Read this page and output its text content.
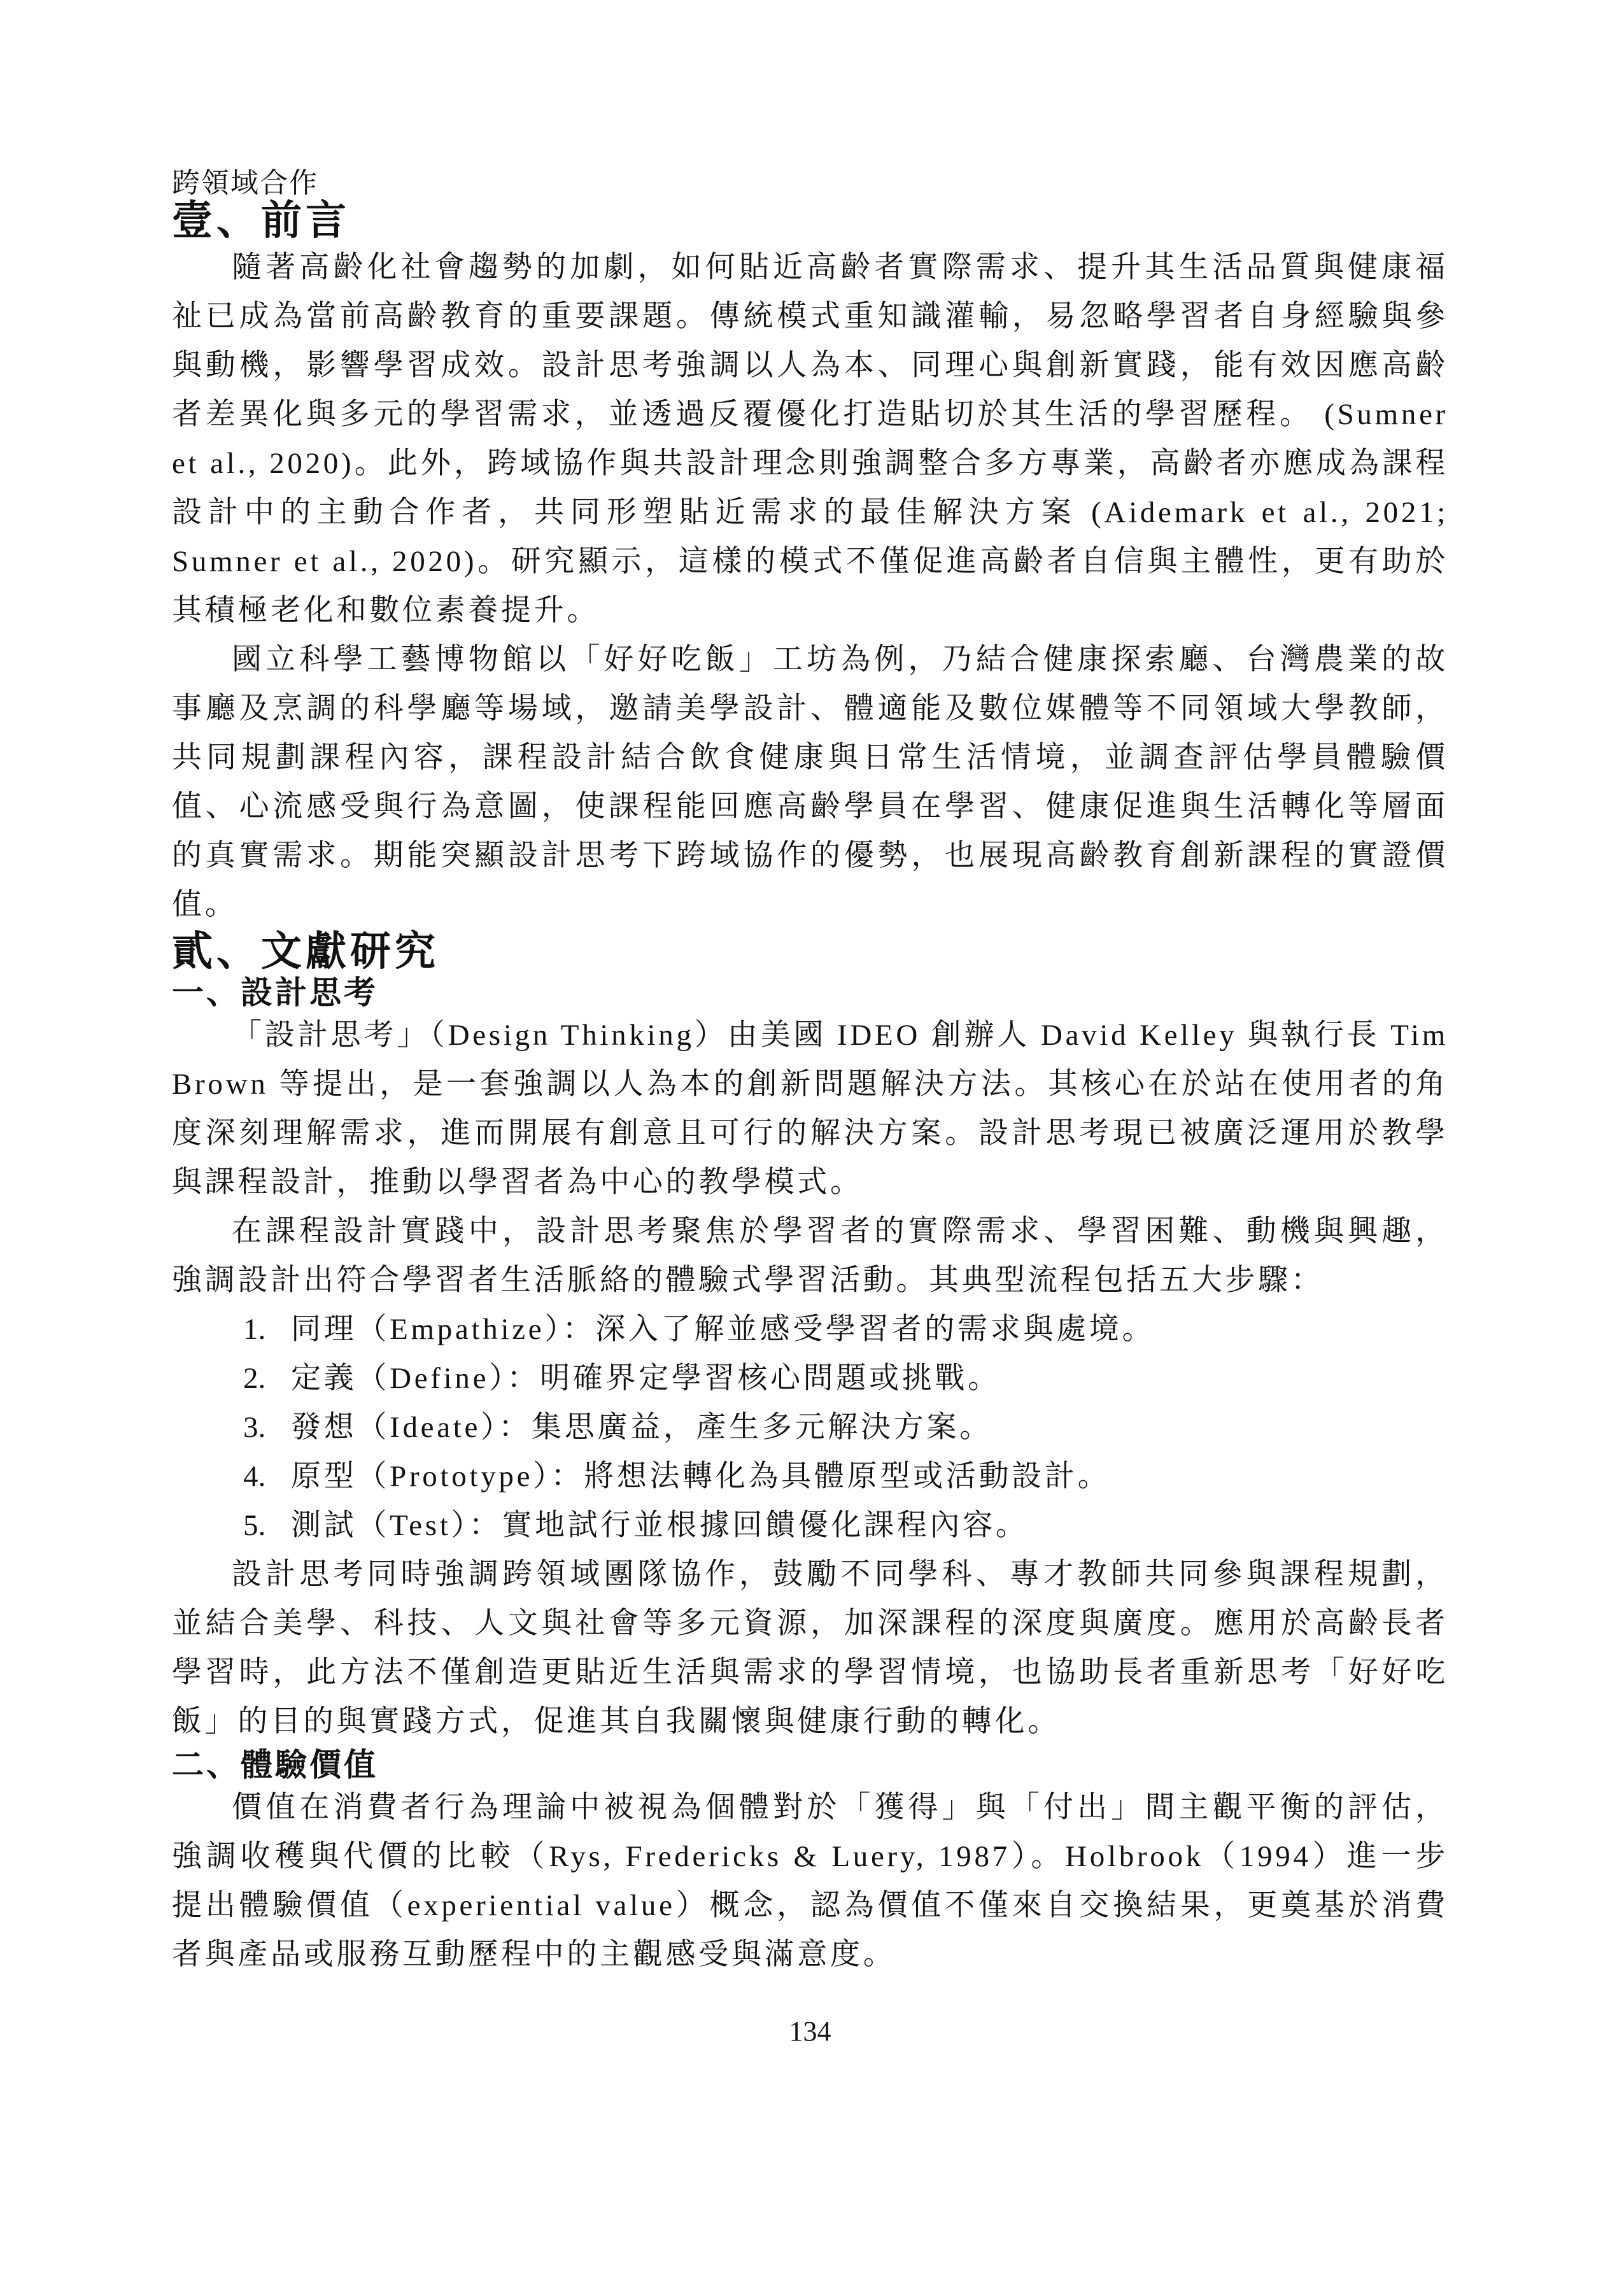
跨領域合作
壹、前言

隨著高齡化社會趨勢的加劇，如何貼近高齡者實際需求、提升其生活品質與健康福祉已成為當前高齡教育的重要課題。傳統模式重知識灌輸，易忽略學習者自身經驗與參與動機，影響學習成效。設計思考強調以人為本、同理心與創新實踐，能有效因應高齡者差異化與多元的學習需求，並透過反覆優化打造貼切於其生活的學習歷程。 (Sumner et al., 2020)。此外，跨域協作與共設計理念則強調整合多方專業，高齡者亦應成為課程設計中的主動合作者，共同形塑貼近需求的最佳解決方案 (Aidemark et al., 2021; Sumner et al., 2020)。研究顯示，這樣的模式不僅促進高齡者自信與主體性，更有助於其積極老化和數位素養提升。

國立科學工藝博物館以「好好吃飯」工坊為例，乃結合健康探索廳、台灣農業的故事廳及烹調的科學廳等場域，邀請美學設計、體適能及數位媒體等不同領域大學教師，共同規劃課程內容，課程設計結合飲食健康與日常生活情境，並調查評估學員體驗價值、心流感受與行為意圖，使課程能回應高齡學員在學習、健康促進與生活轉化等層面的真實需求。期能突顯設計思考下跨域協作的優勢，也展現高齡教育創新課程的實證價值。

貳、文獻研究
一、設計思考

「設計思考」（Design Thinking）由美國 IDEO 創辦人 David Kelley 與執行長 Tim Brown 等提出，是一套強調以人為本的創新問題解決方法。其核心在於站在使用者的角度深刻理解需求，進而開展有創意且可行的解決方案。設計思考現已被廣泛運用於教學與課程設計，推動以學習者為中心的教學模式。

在課程設計實踐中，設計思考聚焦於學習者的實際需求、學習困難、動機與興趣，強調設計出符合學習者生活脈絡的體驗式學習活動。其典型流程包括五大步驟：

1. 同理（Empathize）：深入了解並感受學習者的需求與處境。
2. 定義（Define）：明確界定學習核心問題或挑戰。
3. 發想（Ideate）：集思廣益，產生多元解決方案。
4. 原型（Prototype）：將想法轉化為具體原型或活動設計。
5. 測試（Test）：實地試行並根據回饋優化課程內容。

設計思考同時強調跨領域團隊協作，鼓勵不同學科、專才教師共同參與課程規劃，並結合美學、科技、人文與社會等多元資源，加深課程的深度與廣度。應用於高齡長者學習時，此方法不僅創造更貼近生活與需求的學習情境，也協助長者重新思考「好好吃飯」的目的與實踐方式，促進其自我關懷與健康行動的轉化。

二、體驗價值

價值在消費者行為理論中被視為個體對於「獲得」與「付出」間主觀平衡的評估，強調收穫與代價的比較（Rys, Fredericks & Luery, 1987）。Holbrook（1994）進一步提出體驗價值（experiential value）概念，認為價值不僅來自交換結果，更奠基於消費者與產品或服務互動歷程中的主觀感受與滿意度。

134
